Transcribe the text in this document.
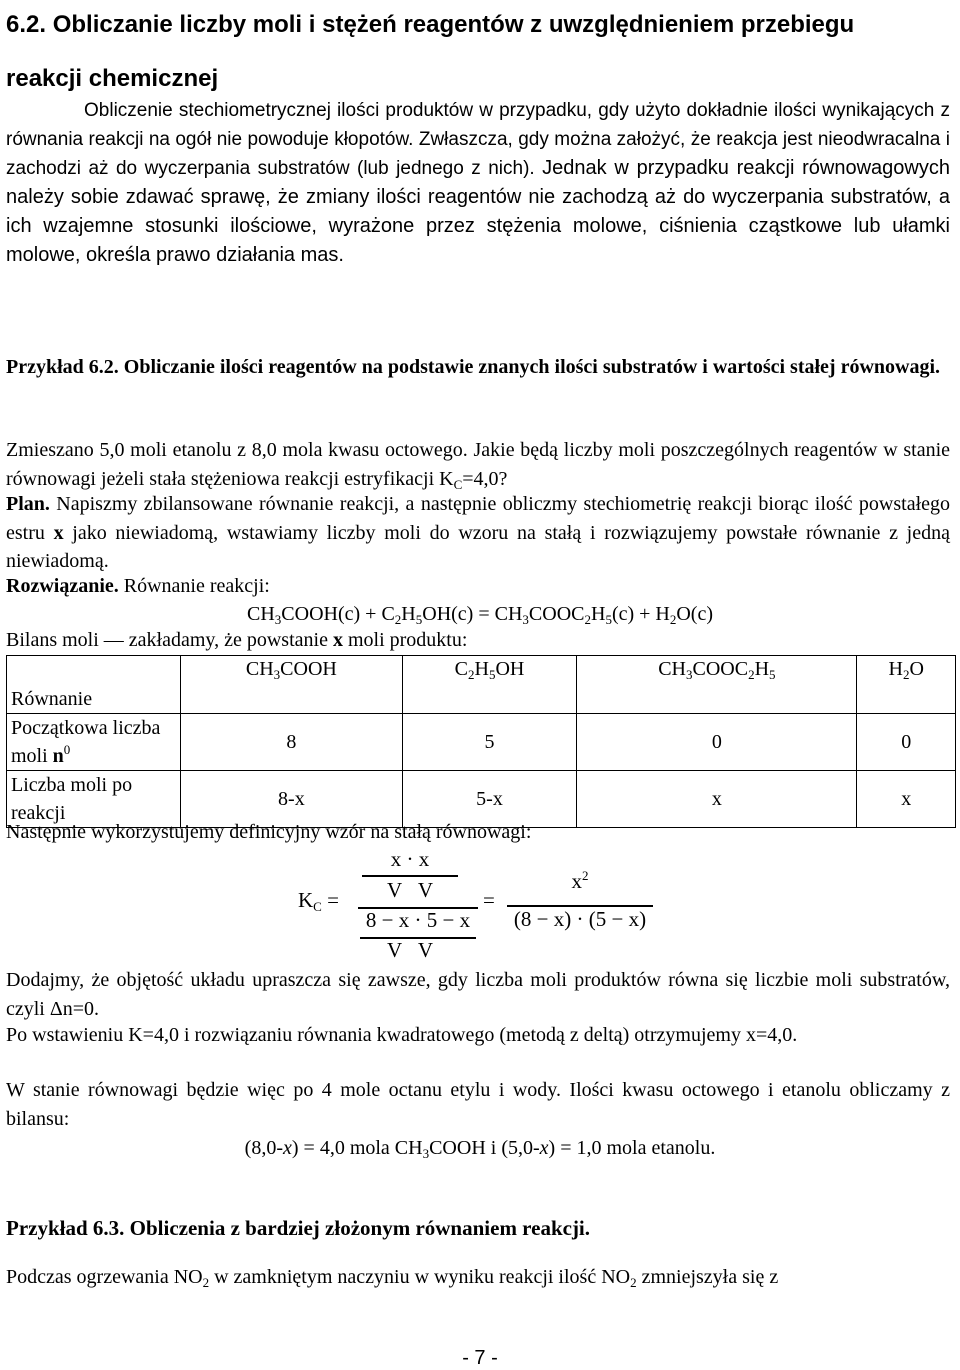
6.2. Obliczanie liczby moli i stężeń reagentów z uwzględnieniem przebiegu
reakcji chemicznej
Obliczenie stechiometrycznej ilości produktów w przypadku, gdy użyto dokładnie ilości wynikających z równania reakcji na ogół nie powoduje kłopotów. Zwłaszcza, gdy można założyć, że reakcja jest nieodwracalna i zachodzi aż do wyczerpania substratów (lub jednego z nich). Jednak w przypadku reakcji równowagowych należy sobie zdawać sprawę, że zmiany ilości reagentów nie zachodzą aż do wyczerpania substratów, a ich wzajemne stosunki ilościowe, wyrażone przez stężenia molowe, ciśnienia cząstkowe lub ułamki molowe, określa prawo działania mas.
Przykład 6.2. Obliczanie ilości reagentów na podstawie znanych ilości substratów i wartości stałej równowagi.
Zmieszano 5,0 moli etanolu z 8,0 mola kwasu octowego. Jakie będą liczby moli poszczególnych reagentów w stanie równowagi jeżeli stała stężeniowa reakcji estryfikacji $K_C=4,0$?
Plan. Napiszmy zbilansowane równanie reakcji, a następnie obliczmy stechiometrię reakcji biorąc ilość powstałego estru x jako niewiadomą, wstawiamy liczby moli do wzoru na stałą i rozwiązujemy powstałe równanie z jedną niewiadomą.
Rozwiązanie. Równanie reakcji:
$CH_3COOH(c) + C_2H_5OH(c)$ = $CH_3COOC_2H_5(c) + H_2O(c)$
Bilans moli — zakładamy, że powstanie x moli produktu:
Równanie	$CH_3COOH$	$C_2H_5OH$	$CH_3COOC_2H_5$	$H_2O$
Początkowa liczba moli $n^0$	8	5	0	0
Liczba moli po reakcji	8-x	5-x	x	x
Następnie wykorzystujemy definicyjny wzór na stałą równowagi:
$K_C$ =
x · x
V   V
8 − x · 5 − x
V   V
=
$x^2$
(8 − x) · (5 − x)
Dodajmy, że objętość układu upraszcza się zawsze, gdy liczba moli produktów równa się liczbie moli substratów, czyli Δn=0.
Po wstawieniu K=4,0 i rozwiązaniu równania kwadratowego (metodą z deltą) otrzymujemy x=4,0.
W stanie równowagi będzie więc po 4 mole octanu etylu i wody. Ilości kwasu octowego i etanolu obliczamy z bilansu:
(8,0-x) = 4,0 mola $CH_3COOH$ i (5,0-x) = 1,0 mola etanolu.
Przykład 6.3. Obliczenia z bardziej złożonym równaniem reakcji.
Podczas ogrzewania $NO_2$ w zamkniętym naczyniu w wyniku reakcji ilość $NO_2$ zmniejszyła się z
- 7 -
